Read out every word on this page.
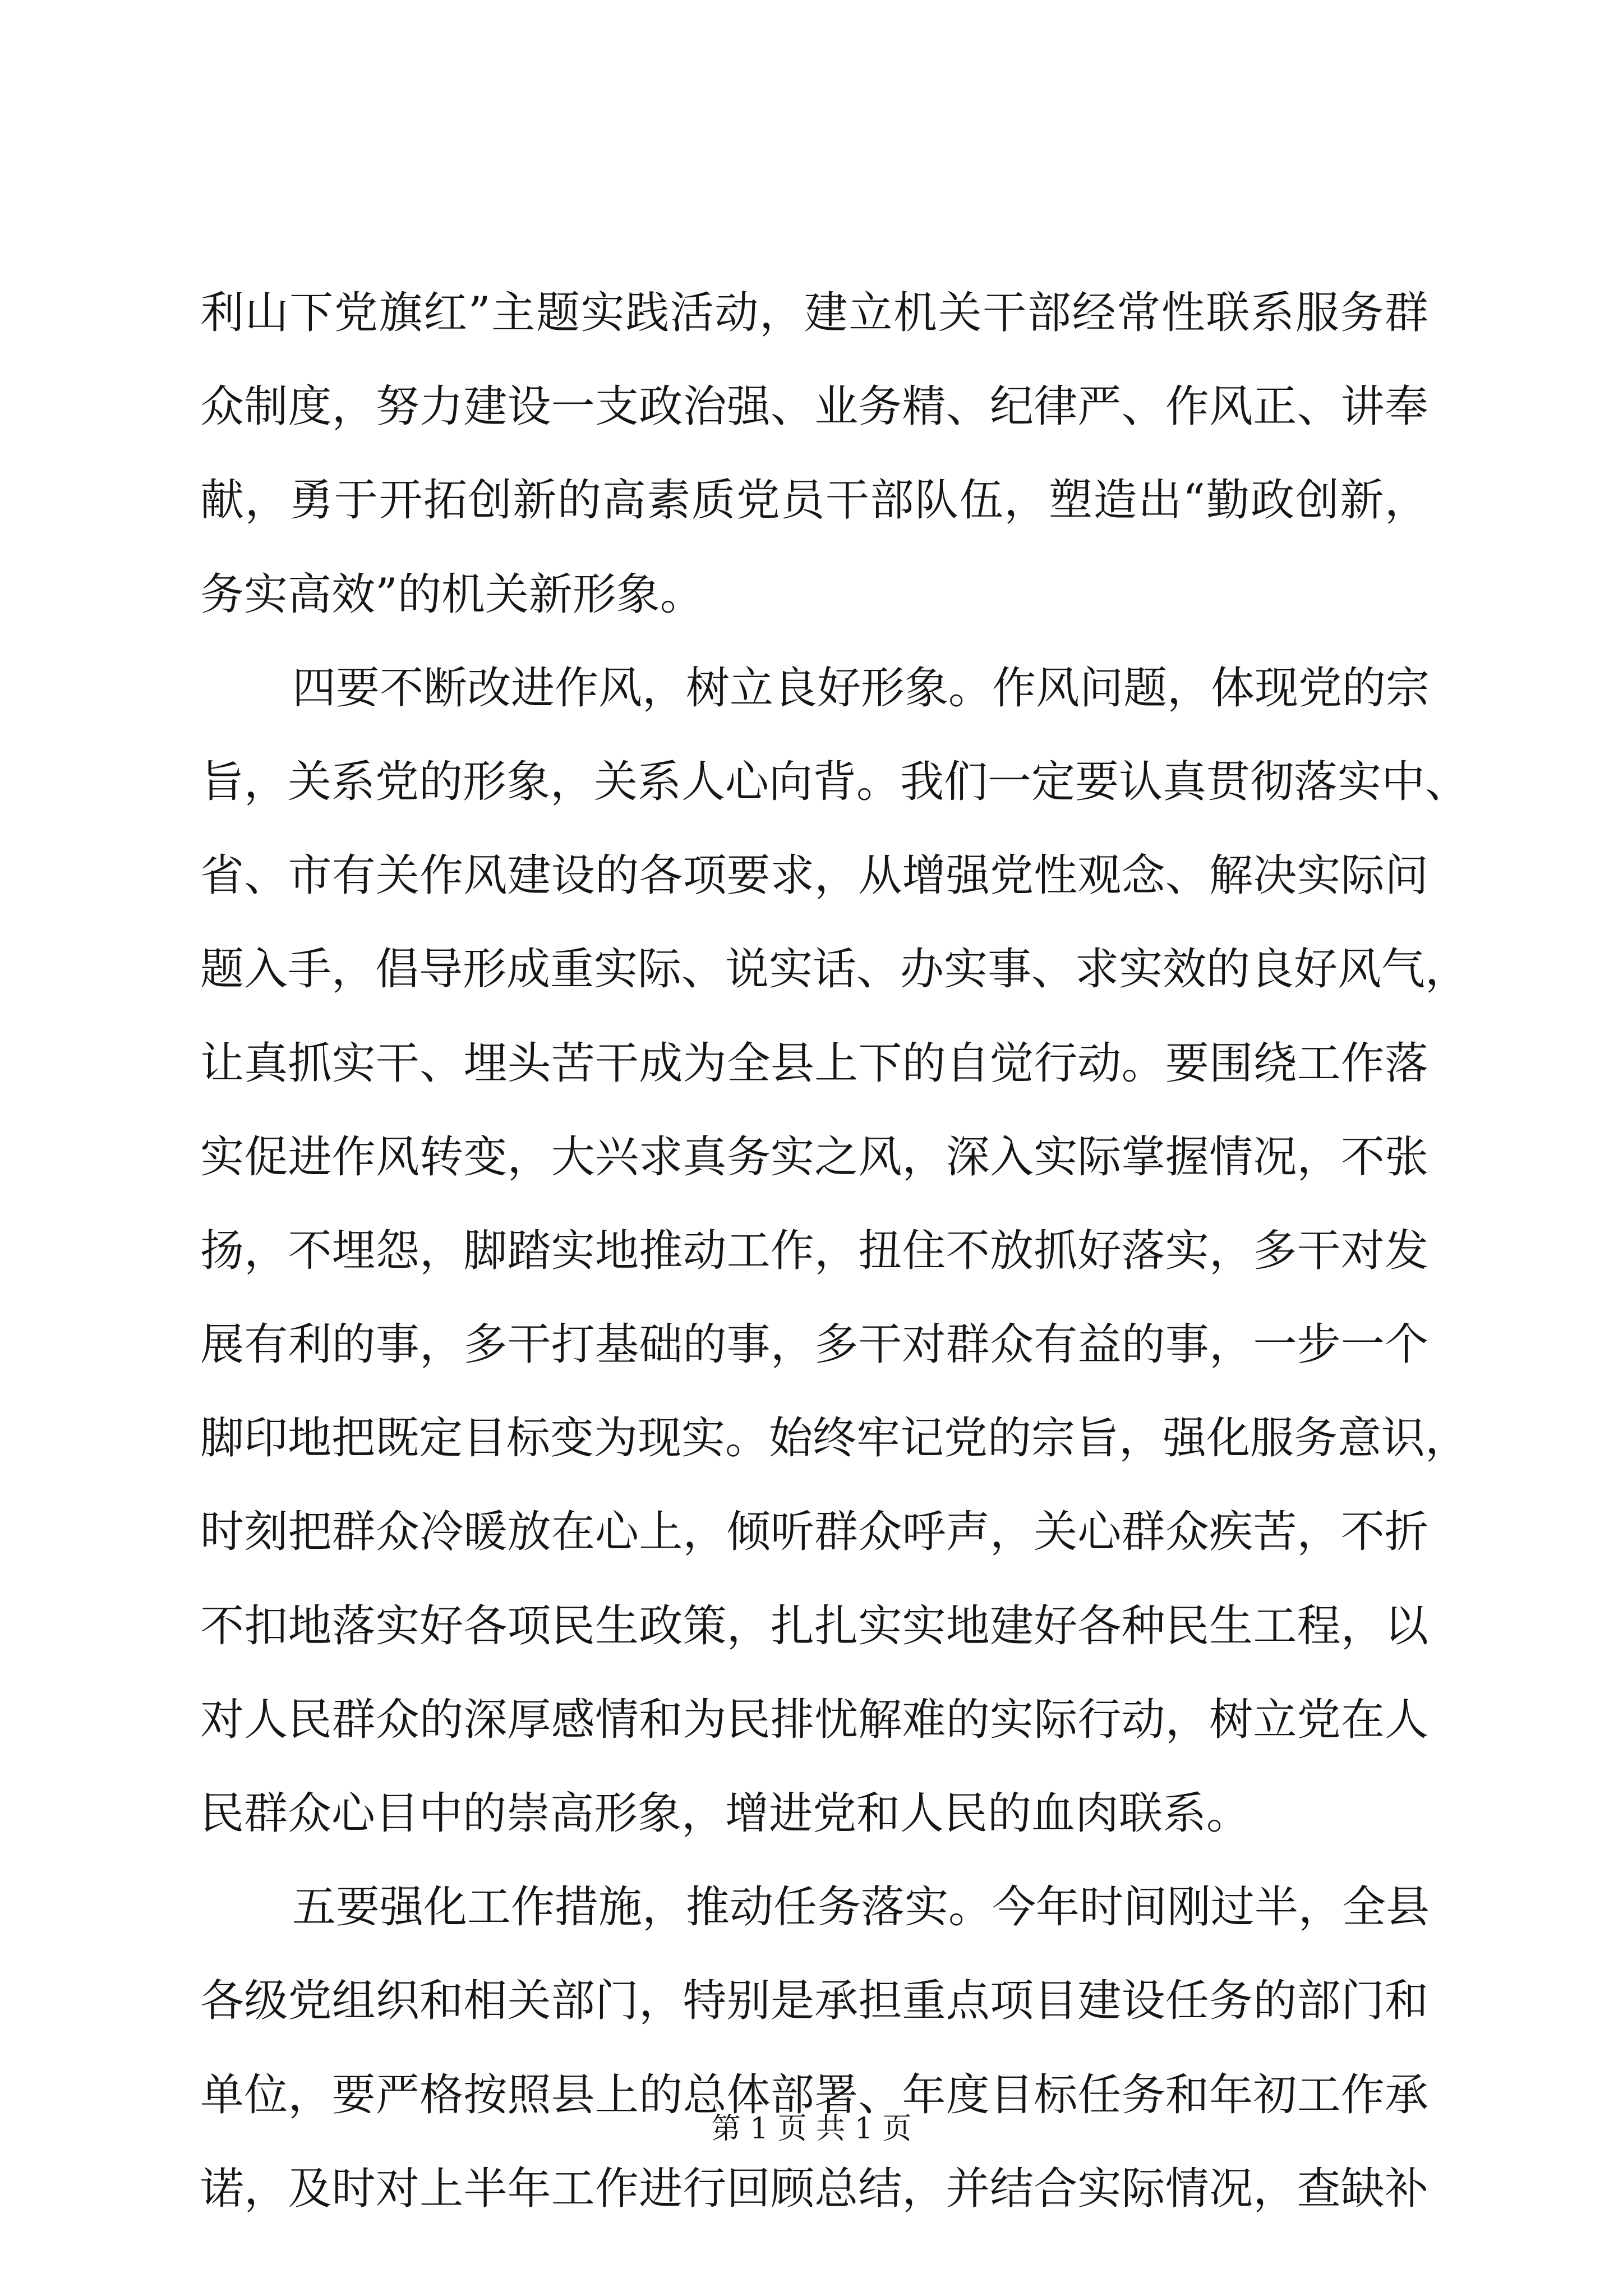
利山下党旗红”主题实践活动，建立机关干部经常性联系服务群
众制度，努力建设一支政治强、业务精、纪律严、作风正、讲奉
献，勇于开拓创新的高素质党员干部队伍，塑造出“勤政创新，
务实高效”的机关新形象。
四要不断改进作风，树立良好形象。作风问题，体现党的宗
旨，关系党的形象，关系人心向背。我们一定要认真贯彻落实中、
省、市有关作风建设的各项要求，从增强党性观念、解决实际问
题入手，倡导形成重实际、说实话、办实事、求实效的良好风气，
让真抓实干、埋头苦干成为全县上下的自觉行动。要围绕工作落
实促进作风转变，大兴求真务实之风，深入实际掌握情况，不张
扬，不埋怨，脚踏实地推动工作，扭住不放抓好落实，多干对发
展有利的事，多干打基础的事，多干对群众有益的事，一步一个
脚印地把既定目标变为现实。始终牢记党的宗旨，强化服务意识，
时刻把群众冷暖放在心上，倾听群众呼声，关心群众疾苦，不折
不扣地落实好各项民生政策，扎扎实实地建好各种民生工程，以
对人民群众的深厚感情和为民排忧解难的实际行动，树立党在人
民群众心目中的崇高形象，增进党和人民的血肉联系。
五要强化工作措施，推动任务落实。今年时间刚过半，全县
各级党组织和相关部门，特别是承担重点项目建设任务的部门和
单位，要严格按照县上的总体部署、年度目标任务和年初工作承
诺，及时对上半年工作进行回顾总结，并结合实际情况，查缺补
第 1 页 共 1 页
